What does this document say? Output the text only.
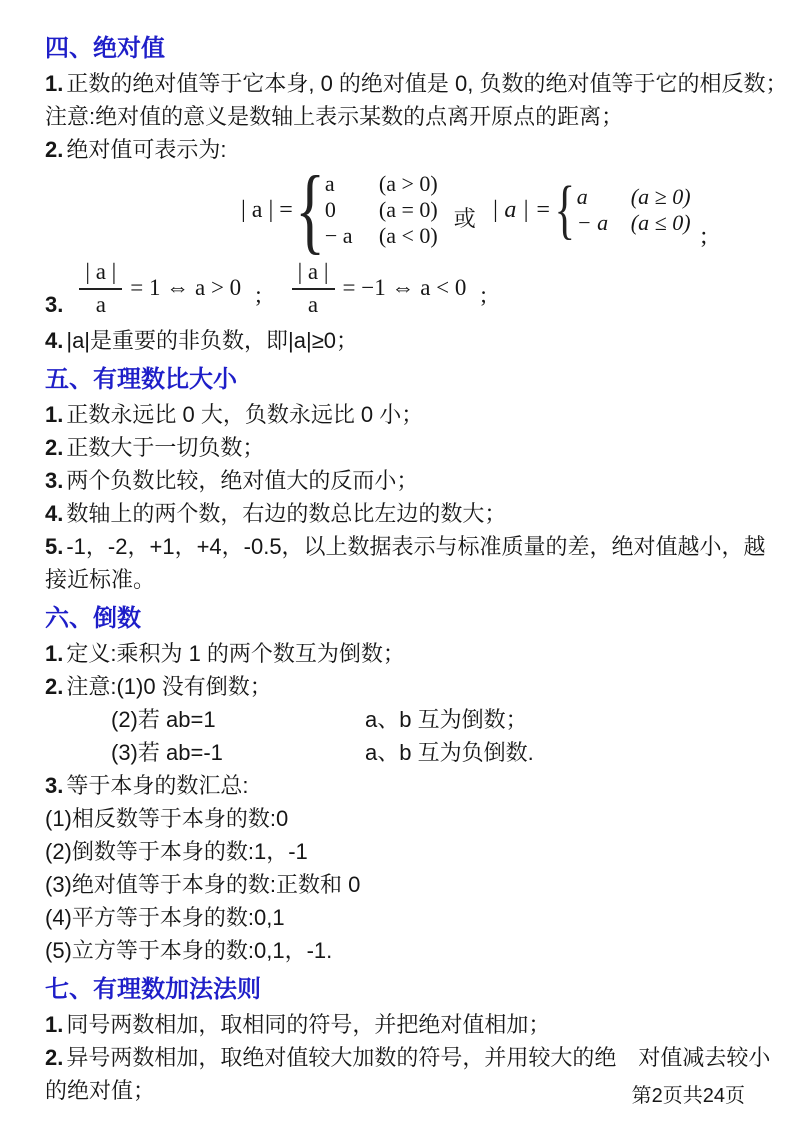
四、绝对值

1. 正数的绝对值等于它本身, 0 的绝对值是 0, 负数的绝对值等于它的相反数；

注意:绝对值的意义是数轴上表示某数的点离开原点的距离；

2. 绝对值可表示为:

| a | = { a	(a > 0)
0	(a = 0)
− a	(a < 0)
或 | a | = { a	(a ≥ 0)
− a	(a ≤ 0)
;
3. $\frac{| a |}{a} = 1$ ⇔ a > 0 ; $\frac{| a |}{a} = -1$ ⇔ a < 0 ;

4. |a|是重要的非负数，即|a|≥0；

五、有理数比大小

1. 正数永远比 0 大，负数永远比 0 小；

2. 正数大于一切负数；

3. 两个负数比较，绝对值大的反而小；

4. 数轴上的两个数，右边的数总比左边的数大；

5. -1，-2，+1，+4，-0.5，以上数据表示与标准质量的差，绝对值越小，越接近标准。

六、倒数

1. 定义:乘积为 1 的两个数互为倒数；

2. 注意:(1)0 没有倒数；

(2)若 ab=1	a、b 互为倒数；
(3)若 ab=-1	a、b 互为负倒数.

3. 等于本身的数汇总:

(1)相反数等于本身的数:0

(2)倒数等于本身的数:1，-1

(3)绝对值等于本身的数:正数和 0

(4)平方等于本身的数:0,1

(5)立方等于本身的数:0,1，-1.

七、有理数加法法则

1. 同号两数相加，取相同的符号，并把绝对值相加；

2. 异号两数相加，取绝对值较大加数的符号，并用较大的绝　对值减去较小的绝对值；	第2页共24页
